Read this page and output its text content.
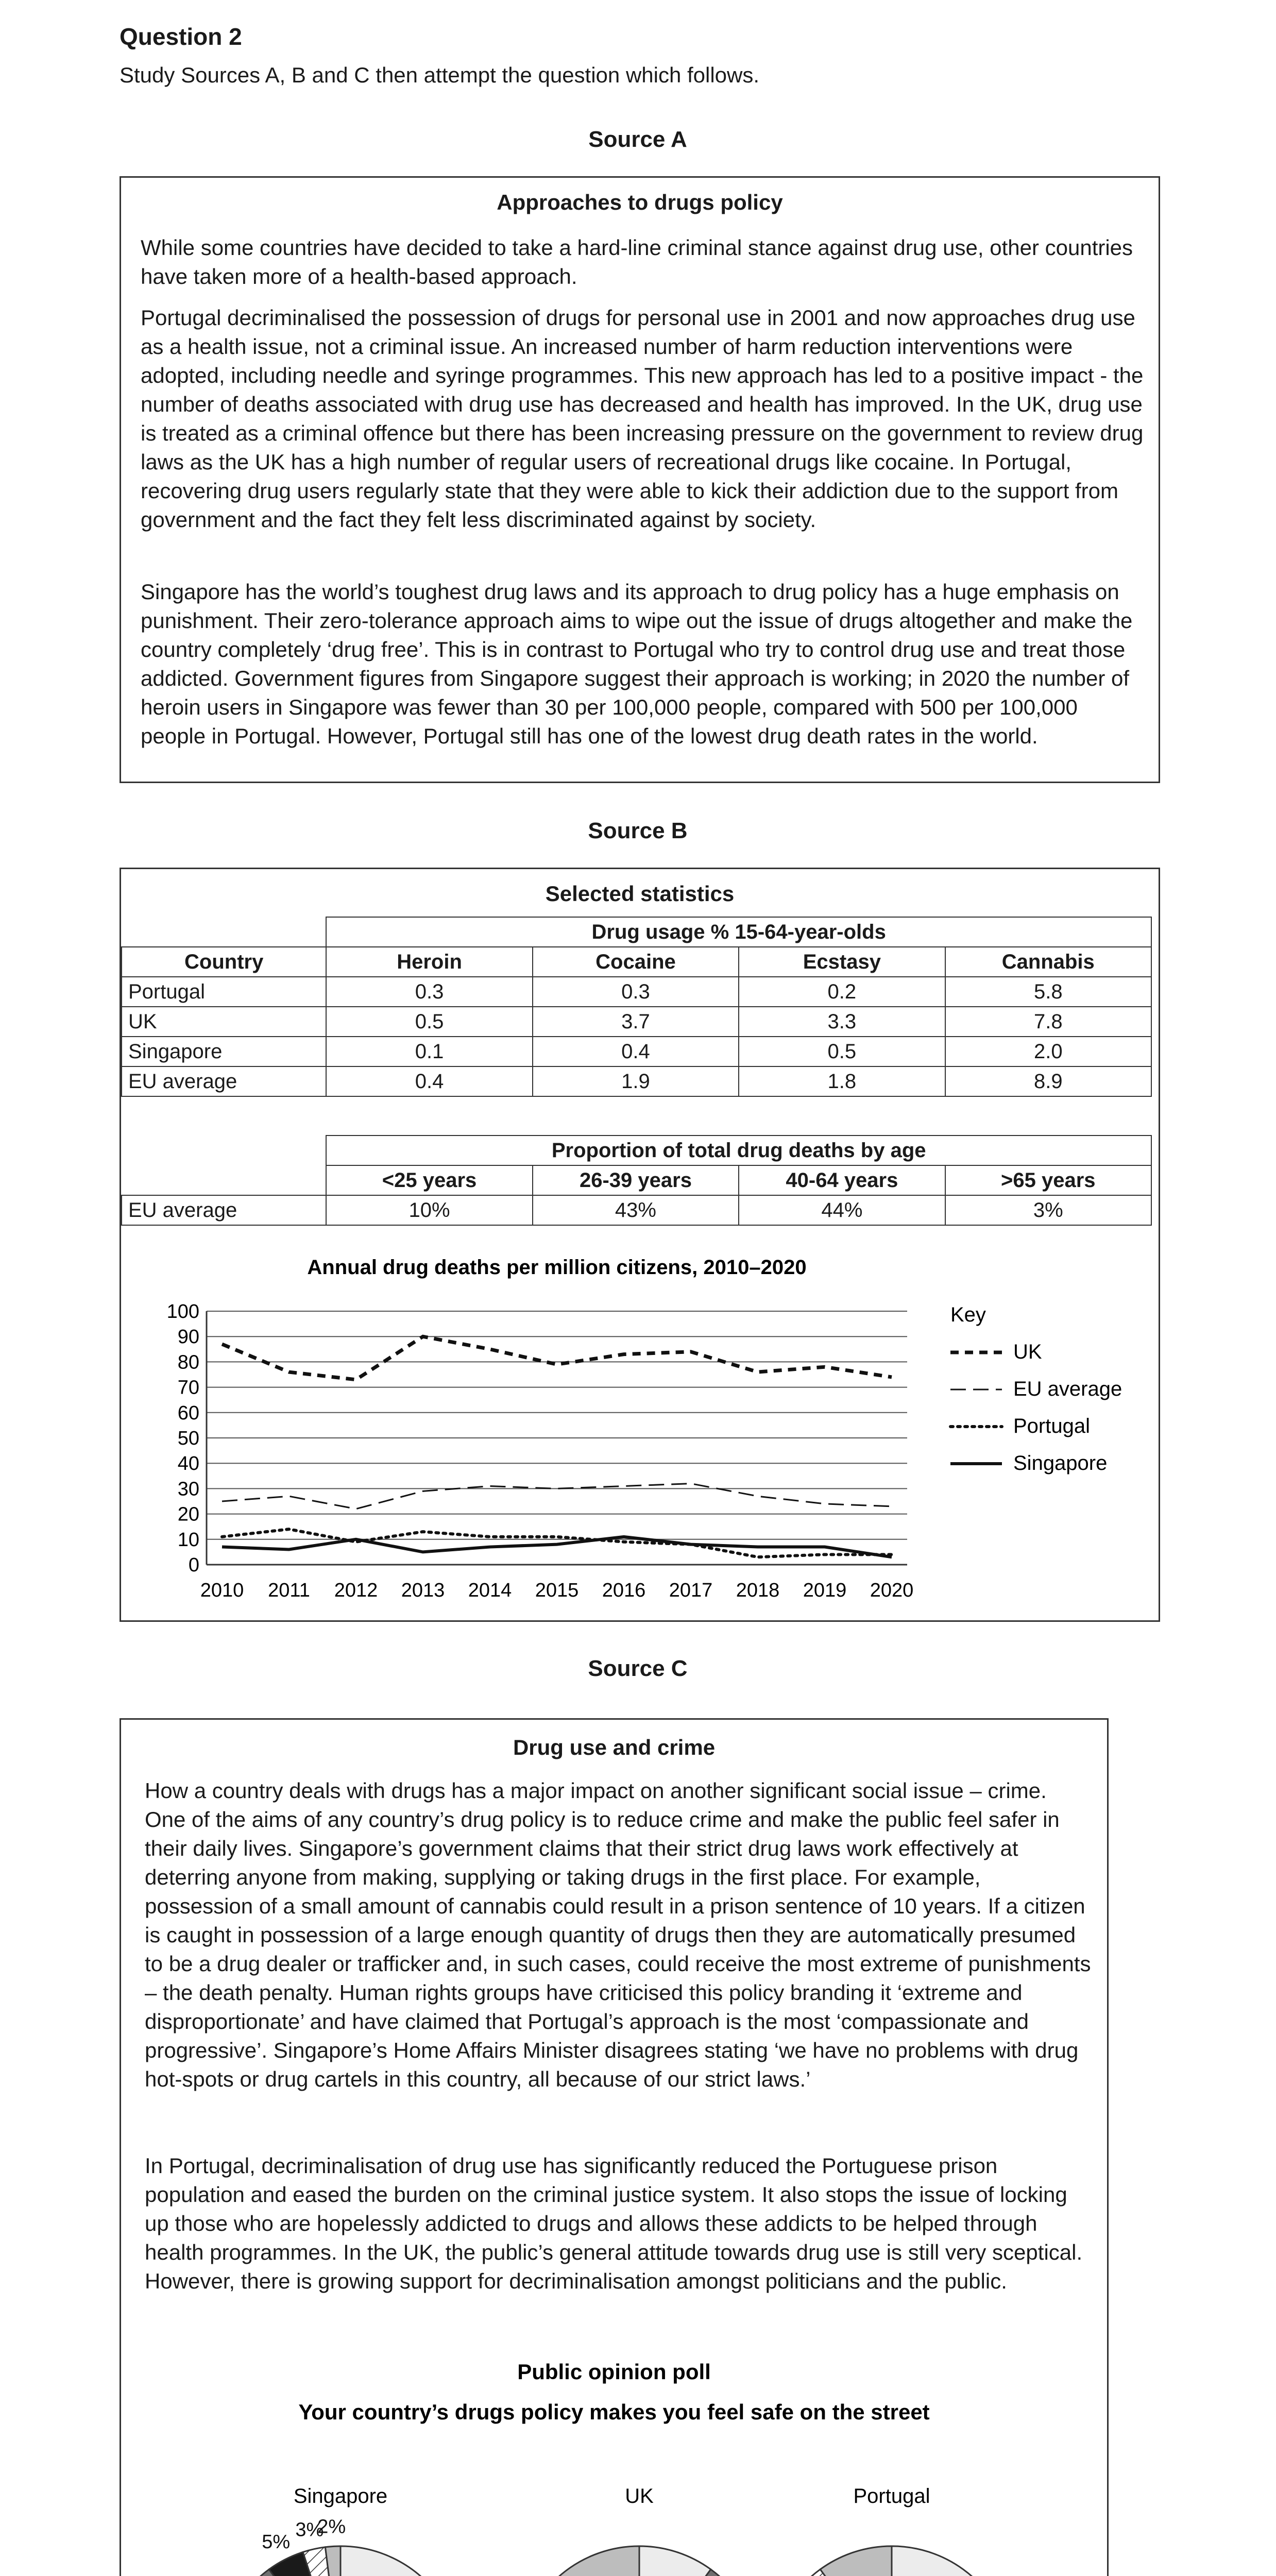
Question 2
Study Sources A, B and C then attempt the question which follows.
Source A
Approaches to drugs policy

While some countries have decided to take a hard-line criminal stance against drug use, other countries have taken more of a health-based approach.

Portugal decriminalised the possession of drugs for personal use in 2001 and now approaches drug use as a health issue, not a criminal issue. An increased number of harm reduction interventions were adopted, including needle and syringe programmes. This new approach has led to a positive impact - the number of deaths associated with drug use has decreased and health has improved. In the UK, drug use is treated as a criminal offence but there has been increasing pressure on the government to review drug laws as the UK has a high number of regular users of recreational drugs like cocaine. In Portugal, recovering drug users regularly state that they were able to kick their addiction due to the support from government and the fact they felt less discriminated against by society.

Singapore has the world’s toughest drug laws and its approach to drug policy has a huge emphasis on punishment. Their zero-tolerance approach aims to wipe out the issue of drugs altogether and make the country completely ‘drug free’. This is in contrast to Portugal who try to control drug use and treat those addicted. Government figures from Singapore suggest their approach is working; in 2020 the number of heroin users in Singapore was fewer than 30 per 100,000 people, compared with 500 per 100,000 people in Portugal. However, Portugal still has one of the lowest drug death rates in the world.

Source B
Selected statistics
	Drug usage % 15-64-year-olds			
Country	Heroin	Cocaine	Ecstasy	Cannabis
Portugal	0.3	0.3	0.2	5.8
UK	0.5	3.7	3.3	7.8
Singapore	0.1	0.4	0.5	2.0
EU average	0.4	1.9	1.8	8.9
	Proportion of total drug deaths by age			
	<25 years	26-39 years	40-64 years	>65 years
EU average	10%	43%	44%	3%
Annual drug deaths per million citizens, 2010–2020
0
10
20
30
40
50
60
70
80
90
100
2010 2011 2012 2013 2014 2015 2016 2017 2018 2019 2020
Key
UK
EU average
Portugal
Singapore
Source C
Drug use and crime

How a country deals with drugs has a major impact on another significant social issue – crime. One of the aims of any country’s drug policy is to reduce crime and make the public feel safer in their daily lives. Singapore’s government claims that their strict drug laws work effectively at deterring anyone from making, supplying or taking drugs in the first place. For example, possession of a small amount of cannabis could result in a prison sentence of 10 years. If a citizen is caught in possession of a large enough quantity of drugs then they are automatically presumed to be a drug dealer or trafficker and, in such cases, could receive the most extreme of punishments – the death penalty. Human rights groups have criticised this policy branding it ‘extreme and disproportionate’ and have claimed that Portugal’s approach is the most ‘compassionate and progressive’. Singapore’s Home Affairs Minister disagrees stating ‘we have no problems with drug hot-spots or drug cartels in this country, all because of our strict laws.’

In Portugal, decriminalisation of drug use has significantly reduced the Portuguese prison population and eased the burden on the criminal justice system. It also stops the issue of locking up those who are hopelessly addicted to drugs and allows these addicts to be helped through health programmes. In the UK, the public’s general attitude towards drug use is still very sceptical. However, there is growing support for decriminalisation amongst politicians and the public.

Public opinion poll
Your country’s drugs policy makes you feel safe on the street
Singapore
5%
3%
2%
UK	Portugal
